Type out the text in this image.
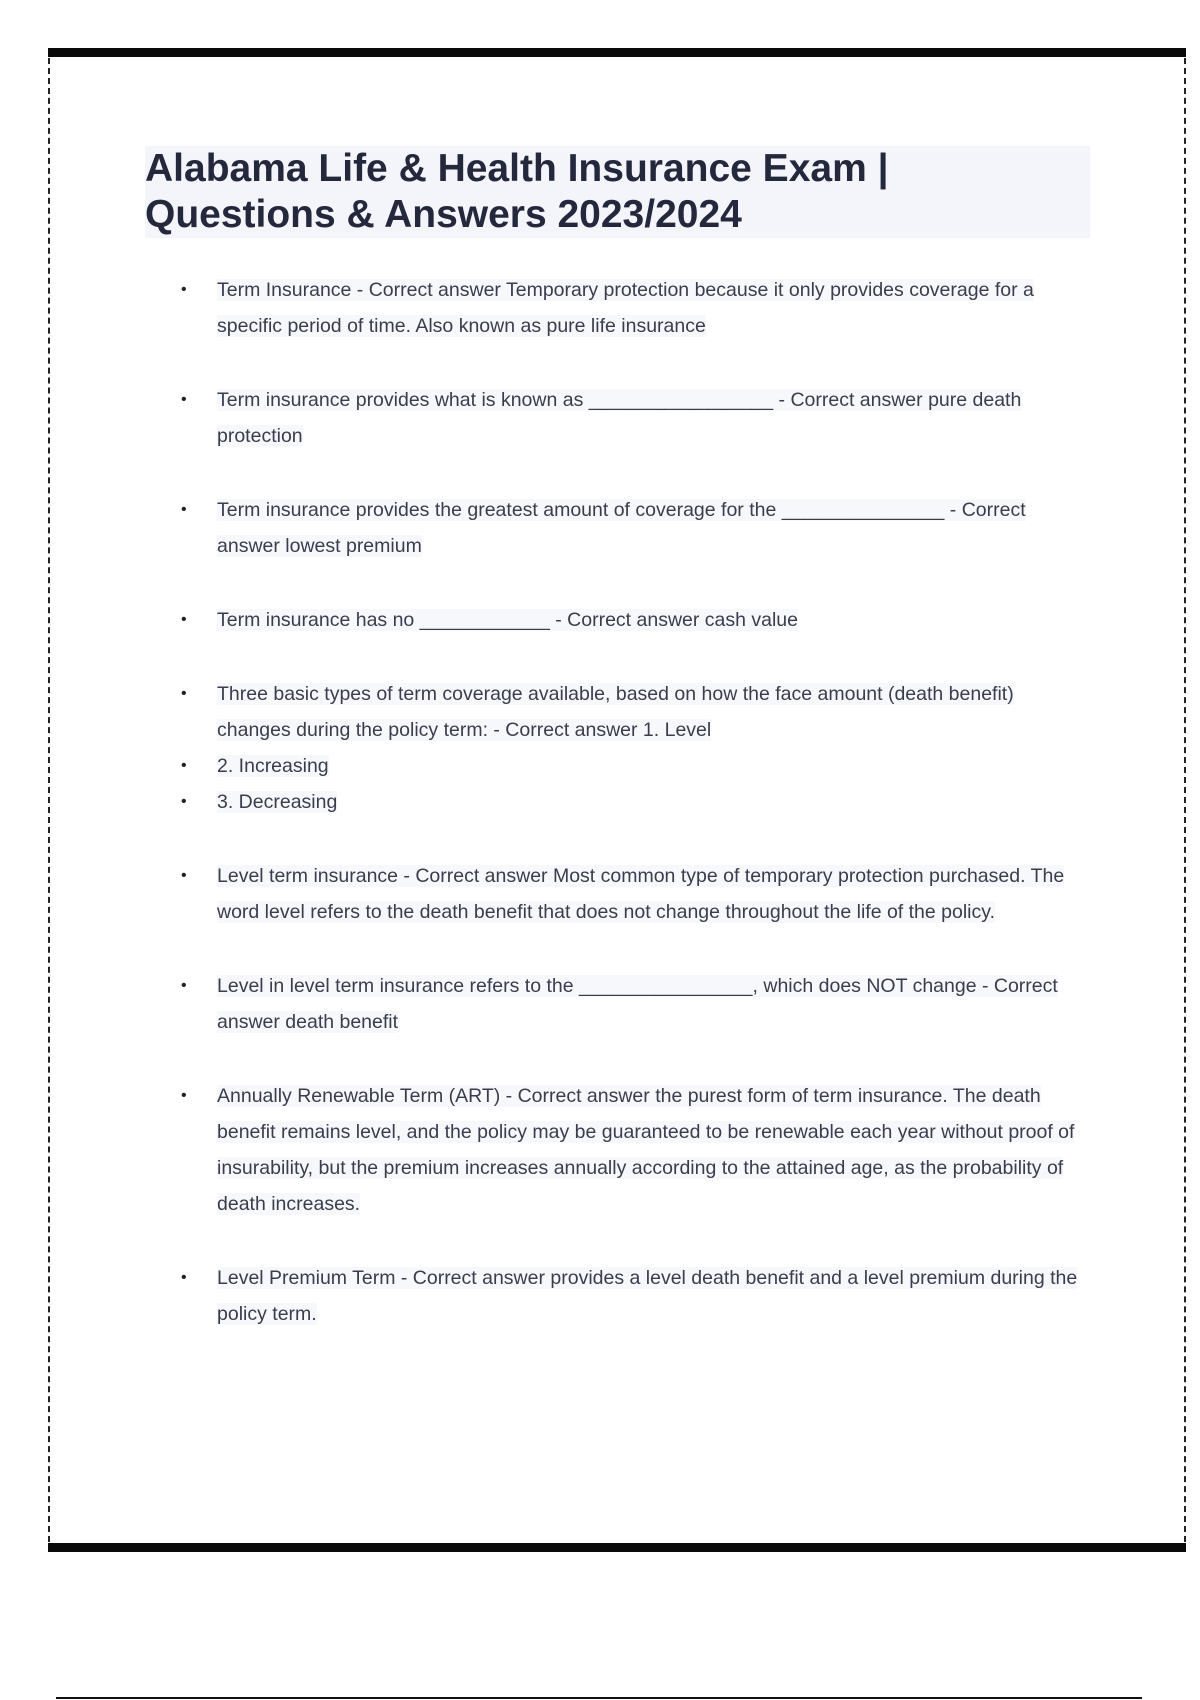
Alabama Life & Health Insurance Exam |
Questions & Answers 2023/2024
•	Term Insurance - Correct answer Temporary protection because it only provides coverage for a specific period of time. Also known as pure life insurance
•	Term insurance provides what is known as _________________ - Correct answer pure death protection
•	Term insurance provides the greatest amount of coverage for the _______________ - Correct answer lowest premium
•	Term insurance has no ____________ - Correct answer cash value
•	Three basic types of term coverage available, based on how the face amount (death benefit) changes during the policy term: - Correct answer 1. Level
•	2. Increasing
•	3. Decreasing
•	Level term insurance - Correct answer Most common type of temporary protection purchased. The word level refers to the death benefit that does not change throughout the life of the policy.
•	Level in level term insurance refers to the ________________, which does NOT change - Correct answer death benefit
•	Annually Renewable Term (ART) - Correct answer the purest form of term insurance. The death benefit remains level, and the policy may be guaranteed to be renewable each year without proof of insurability, but the premium increases annually according to the attained age, as the probability of death increases.
•	Level Premium Term - Correct answer provides a level death benefit and a level premium during the policy term.
